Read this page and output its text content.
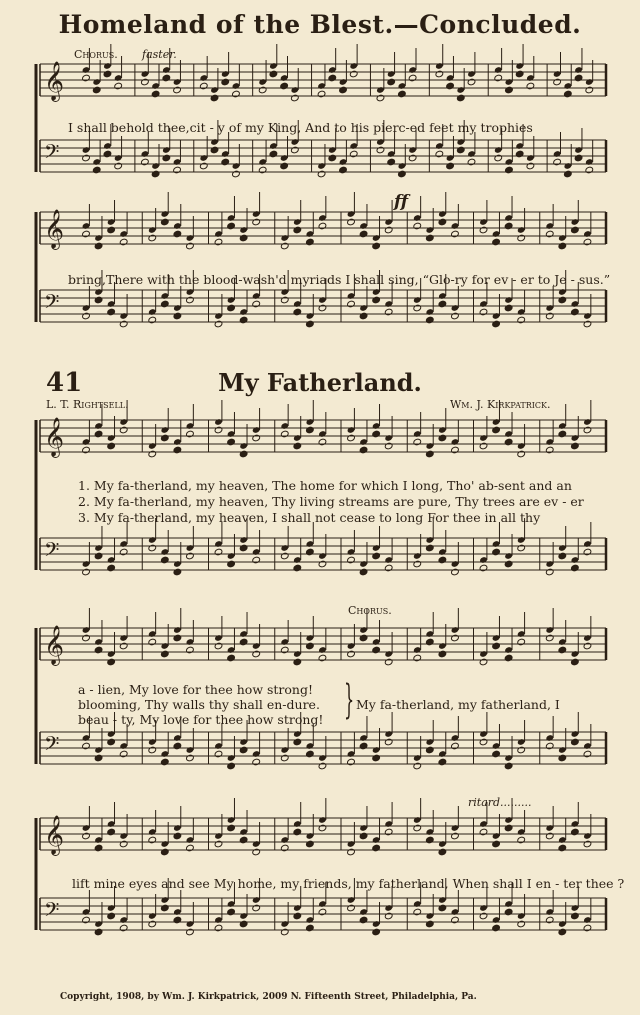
Homeland of the Blest.—Concluded.
𝄞
𝄢
𝄞
𝄢
𝄞
𝄢
𝄞
𝄢
𝄞
𝄢
Chorus. faster.
I shall behold thee,cit - y of my King, And to his pierc-ed feet my trophies
ff
bring,There with the blood-wash'd myriads I shall sing, “Glo-ry for ev - er to Je - sus.”
41	My Fatherland.
L. T. Rightsell.	Wm. J. Kirkpatrick.
1. My fa-therland, my heaven, The home for which I long, Tho' ab-sent and an
2. My fa-therland, my heaven, Thy living streams are pure, Thy trees are ev - er
3. My fa-therland, my heaven, I shall not cease to long For thee in all thy
Chorus.
a - lien, My love for thee how strong!
blooming, Thy walls thy shall en-dure.
beau - ty, My love for thee how strong! } My fa-therland, my fatherland, I
ritard.........
lift mine eyes and see My home, my friends, my fatherland, When shall I en - ter thee ?
Copyright, 1908, by Wm. J. Kirkpatrick, 2009 N. Fifteenth Street, Philadelphia, Pa.
